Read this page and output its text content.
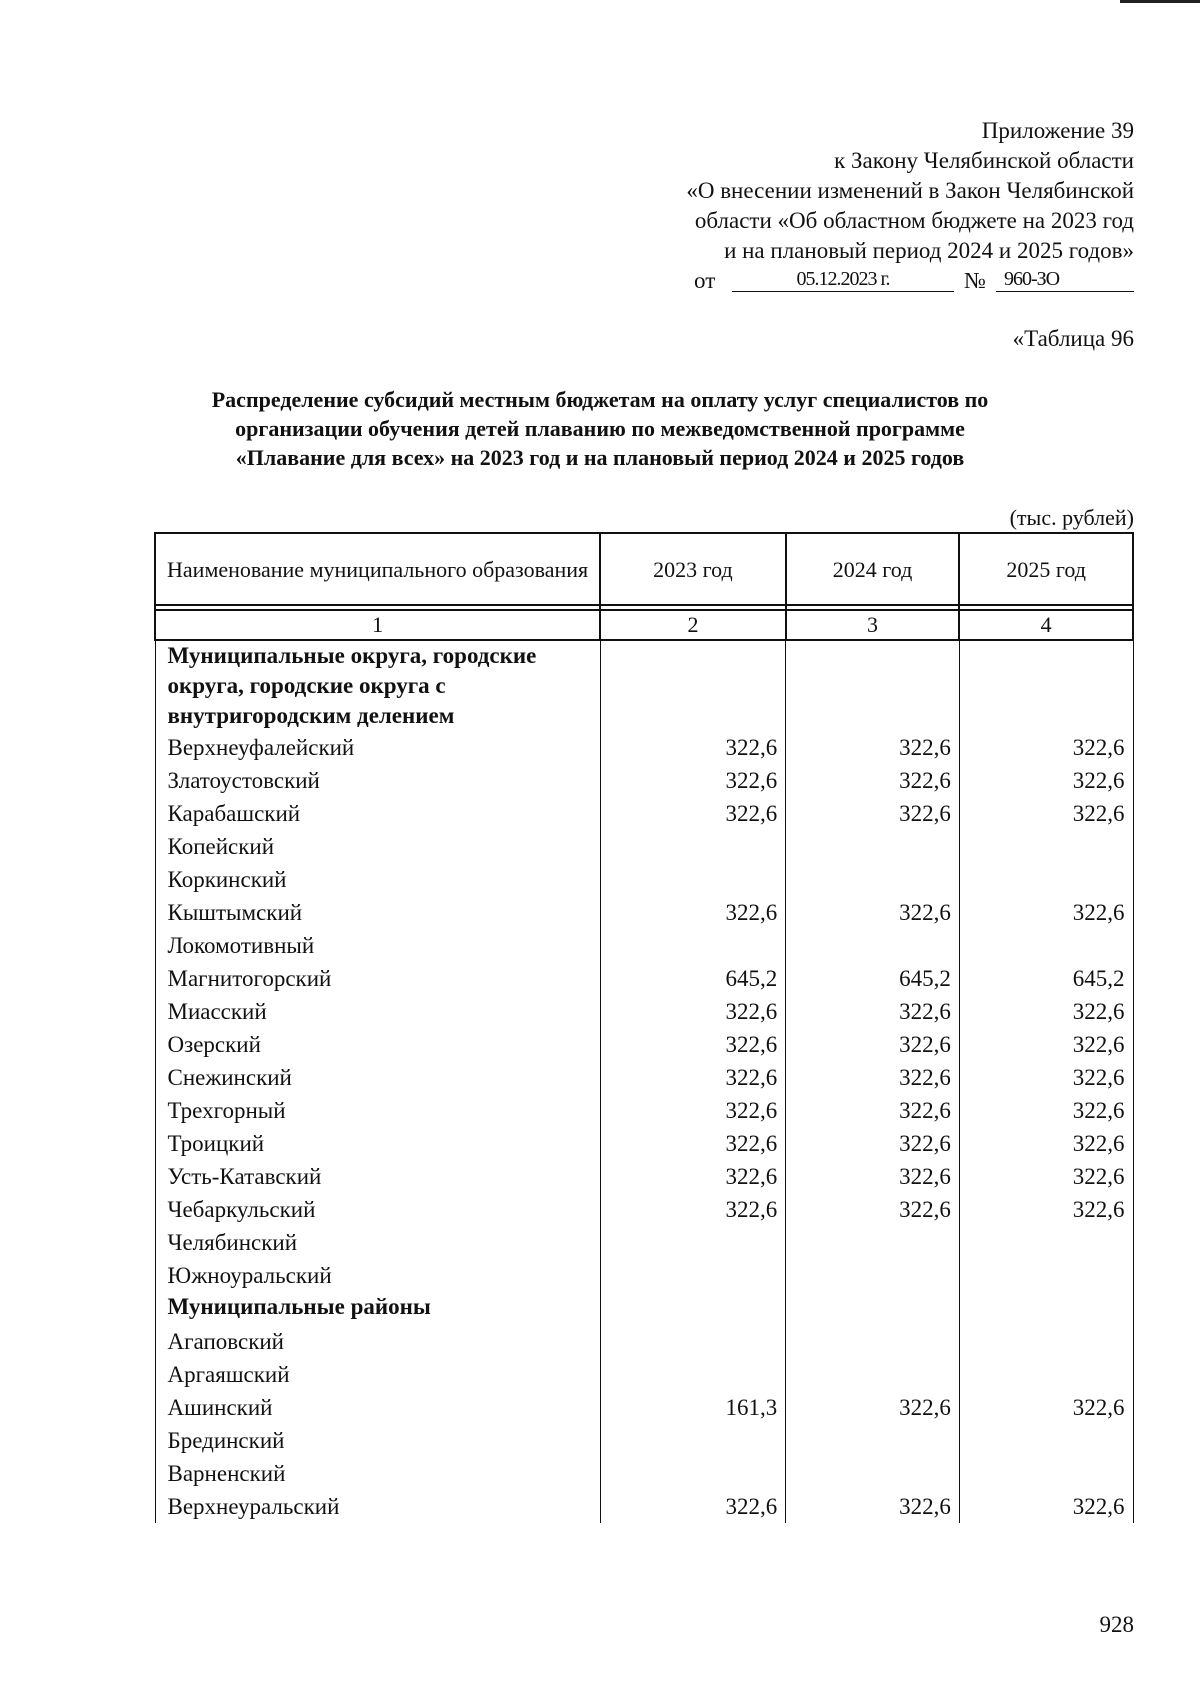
Приложение 39
к Закону Челябинской области
«О внесении изменений в Закон Челябинской
области «Об областном бюджете на 2023 год
и на плановый период 2024 и 2025 годов»
от	05.12.2023 г.	№ 960-ЗО
«Таблица 96
Распределение субсидий местным бюджетам на оплату услуг специалистов по
организации обучения детей плаванию по межведомственной программе
«Плавание для всех» на 2023 год и на плановый период 2024 и 2025 годов
(тыс. рублей)
Наименование муниципального образования	2023 год	2024 год	2025 год

1	2	3	4
Муниципальные округа, городские округа, городские округа с внутригородским делением			
Верхнеуфалейский	322,6	322,6	322,6
Златоустовский	322,6	322,6	322,6
Карабашский	322,6	322,6	322,6
Копейский			
Коркинский			
Кыштымский	322,6	322,6	322,6
Локомотивный			
Магнитогорский	645,2	645,2	645,2
Миасский	322,6	322,6	322,6
Озерский	322,6	322,6	322,6
Снежинский	322,6	322,6	322,6
Трехгорный	322,6	322,6	322,6
Троицкий	322,6	322,6	322,6
Усть-Катавский	322,6	322,6	322,6
Чебаркульский	322,6	322,6	322,6
Челябинский			
Южноуральский			
Муниципальные районы			
Агаповский			
Аргаяшский			
Ашинский	161,3	322,6	322,6
Брединский			
Варненский			
Верхнеуральский	322,6	322,6	322,6
928
